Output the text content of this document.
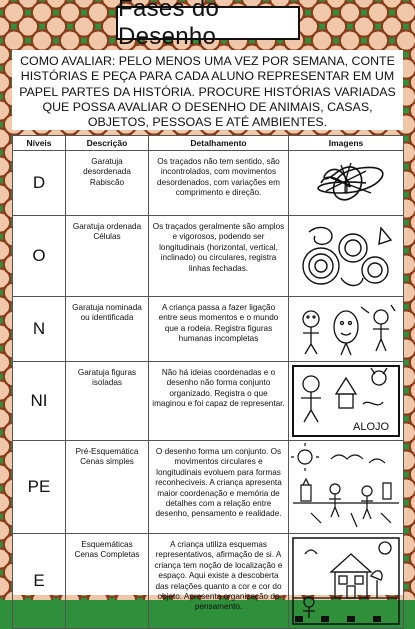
Fases do Desenho
COMO AVALIAR: PELO MENOS UMA VEZ POR SEMANA, CONTE HISTÓRIAS E PEÇA PARA CADA ALUNO REPRESENTAR EM UM PAPEL PARTES DA HISTÓRIA. PROCURE HISTÓRIAS VARIADAS QUE POSSA AVALIAR O DESENHO DE ANIMAIS, CASAS, OBJETOS, PESSOAS E ATÉ AMBIENTES.
Níveis	Descrição	Detalhamento	Imagens
D	Garatuja desordenada Rabiscão	Os traçados não tem sentido, são incontrolados, com movimentos desordenados, com variações em comprimento e direção.	

O	Garatuja ordenada Células	Os traçados geralmente são amplos e vigorosos, podendo ser longitudinais (horizontal, vertical, inclinado) ou circulares, registra linhas fechadas.	

N	Garatuja nominada ou identificada	A criança passa a fazer ligação entre seus momentos e o mundo que a rodeia. Registra figuras humanas incompletas	

NI	Garatuja figuras isoladas	Não há ideias coordenadas e o desenho não forma conjunto organizado. Registra o que imaginou e foi capaz de representar.	ALOJO

PE	Pré-Esquemática Cenas simples	O desenho forma um conjunto. Os movimentos circulares e longitudinais evoluem para formas reconheciveis. A criança apresenta maior coordenação e memória de detalhes com a relação entre desenho, pensamento e realidade.	

E	Esquemáticas Cenas Completas	A criança utiliza esquemas representativos, afirmação de si. A criança tem noção de localização e espaço. Aqui existe a descoberta das relações quanto a cor e cor do objeto. Apresenta organização do pensamento.	
